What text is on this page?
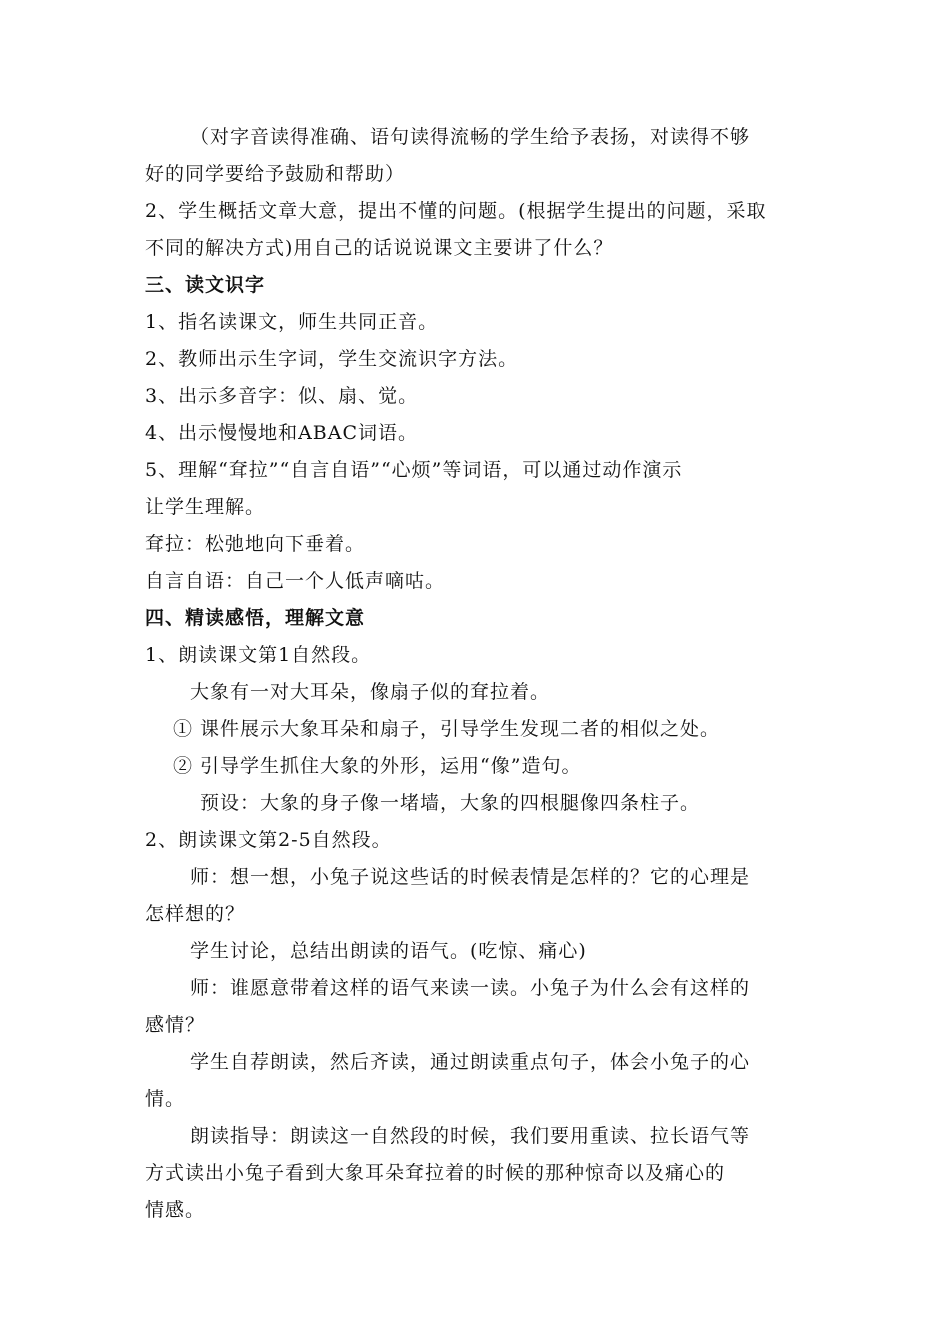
（对字音读得准确、语句读得流畅的学生给予表扬，对读得不够
好的同学要给予鼓励和帮助）
2、学生概括文章大意，提出不懂的问题。(根据学生提出的问题，采取
不同的解决方式)用自己的话说说课文主要讲了什么？
三、读文识字
1、指名读课文，师生共同正音。
2、教师出示生字词，学生交流识字方法。
3、出示多音字：似、扇、觉。
4、出示慢慢地和ABAC词语。
5、理解“耷拉”“自言自语”“心烦”等词语，可以通过动作演示
让学生理解。
耷拉：松弛地向下垂着。
自言自语：自己一个人低声嘀咕。
四、精读感悟，理解文意
1、朗读课文第1自然段。
大象有一对大耳朵，像扇子似的耷拉着。
① 课件展示大象耳朵和扇子，引导学生发现二者的相似之处。
② 引导学生抓住大象的外形，运用“像”造句。
预设：大象的身子像一堵墙，大象的四根腿像四条柱子。
2、朗读课文第2-5自然段。
师：想一想，小兔子说这些话的时候表情是怎样的？它的心理是
怎样想的？
学生讨论，总结出朗读的语气。(吃惊、痛心)
师：谁愿意带着这样的语气来读一读。小兔子为什么会有这样的
感情？
学生自荐朗读，然后齐读，通过朗读重点句子，体会小兔子的心
情。
朗读指导：朗读这一自然段的时候，我们要用重读、拉长语气等
方式读出小兔子看到大象耳朵耷拉着的时候的那种惊奇以及痛心的
情感。
